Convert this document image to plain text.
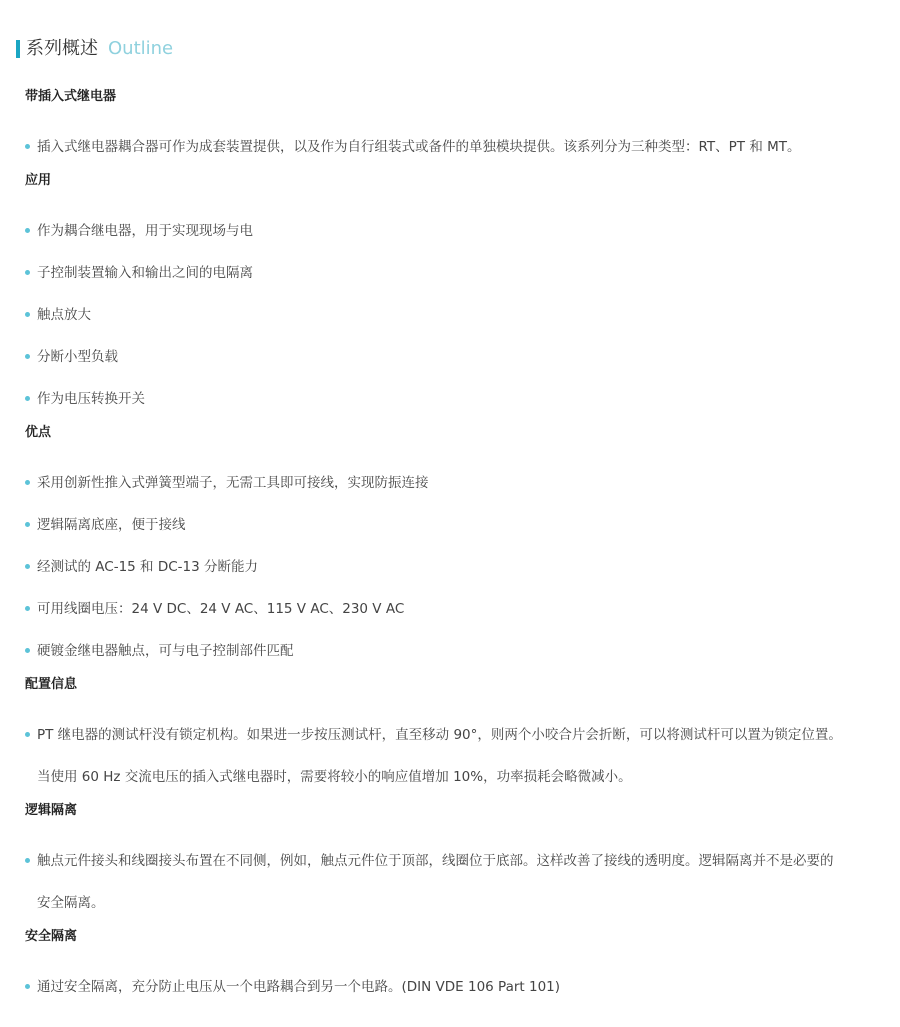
系列概述 Outline
带插入式继电器
插入式继电器耦合器可作为成套装置提供，以及作为自行组装式或备件的单独模块提供。该系列分为三种类型：RT、PT 和 MT。
应用
作为耦合继电器，用于实现现场与电
子控制装置输入和输出之间的电隔离
触点放大
分断小型负载
作为电压转换开关
优点
采用创新性推入式弹簧型端子，无需工具即可接线，实现防振连接
逻辑隔离底座，便于接线
经测试的 AC-15 和 DC-13 分断能力
可用线圈电压：24 V DC、24 V AC、115 V AC、230 V AC
硬镀金继电器触点，可与电子控制部件匹配
配置信息
PT 继电器的测试杆没有锁定机构。如果进一步按压测试杆，直至移动 90°，则两个小咬合片会折断，可以将测试杆可以置为锁定位置。当使用 60 Hz 交流电压的插入式继电器时，需要将较小的响应值增加 10%，功率损耗会略微减小。
逻辑隔离
触点元件接头和线圈接头布置在不同侧，例如，触点元件位于顶部，线圈位于底部。这样改善了接线的透明度。逻辑隔离并不是必要的安全隔离。
安全隔离
通过安全隔离，充分防止电压从一个电路耦合到另一个电路。(DIN VDE 106 Part 101)
